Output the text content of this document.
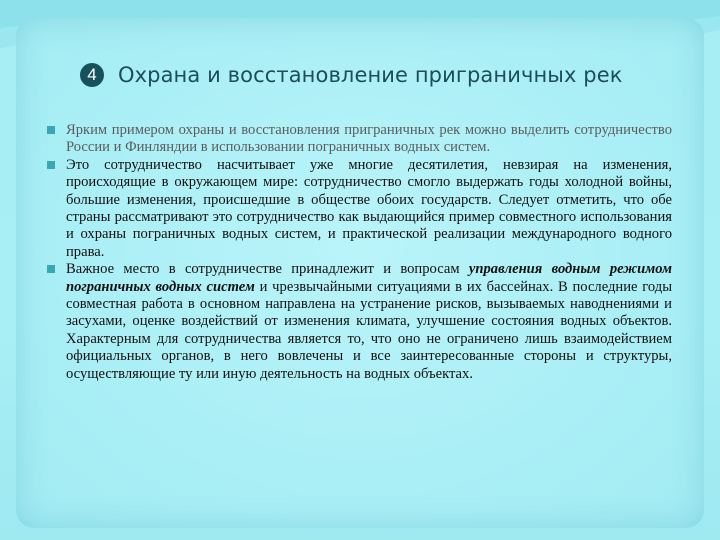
4	Охрана и восстановление приграничных рек
Ярким примером охраны и восстановления приграничных рек можно выделить сотрудничество России и Финляндии в использовании пограничных водных систем.
Это сотрудничество насчитывает уже многие десятилетия, невзирая на изменения, происходящие в окружающем мире: сотрудничество смогло выдержать годы холодной войны, большие изменения, происшедшие в обществе обоих государств. Следует отметить, что обе страны рассматривают это сотрудничество как выдающийся пример совместного использования и охраны пограничных водных систем, и практической реализации международного водного права.
Важное место в сотрудничестве принадлежит и вопросам управления водным режимом пограничных водных систем и чрезвычайными ситуациями в их бассейнах. В последние годы совместная работа в основном направлена на устранение рисков, вызываемых наводнениями и засухами, оценке воздействий от изменения климата, улучшение состояния водных объектов. Характерным для сотрудничества является то, что оно не ограничено лишь взаимодействием официальных органов, в него вовлечены и все заинтересованные стороны и структуры, осуществляющие ту или иную деятельность на водных объектах.
